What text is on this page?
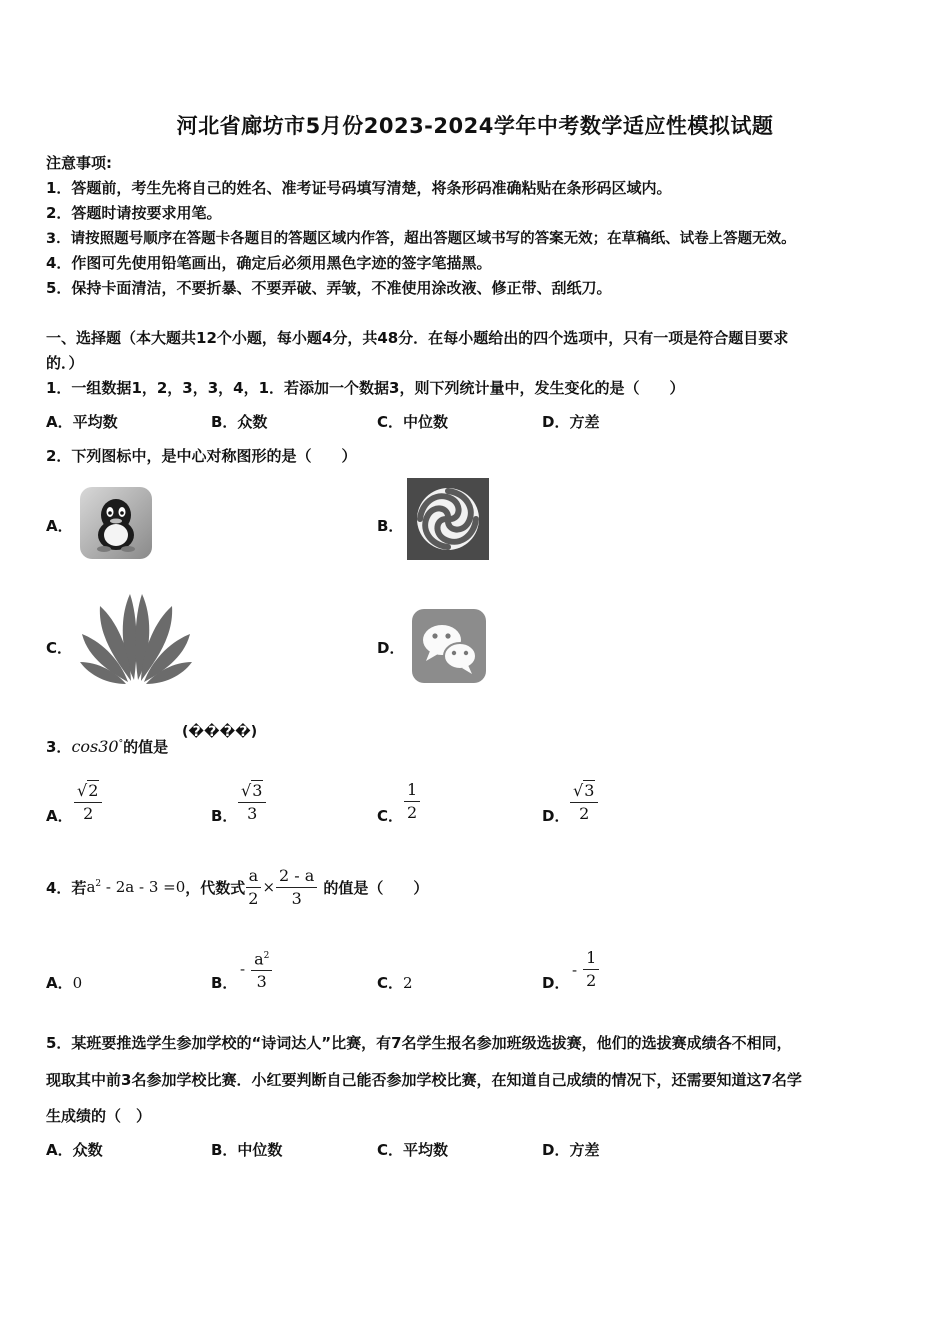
河北省廊坊市5月份2023-2024学年中考数学适应性模拟试题
注意事项:
1．答题前，考生先将自己的姓名、准考证号码填写清楚，将条形码准确粘贴在条形码区域内。
2．答题时请按要求用笔。
3．请按照题号顺序在答题卡各题目的答题区域内作答，超出答题区域书写的答案无效；在草稿纸、试卷上答题无效。
4．作图可先使用铅笔画出，确定后必须用黑色字迹的签字笔描黑。
5．保持卡面清洁，不要折暴、不要弄破、弄皱，不准使用涂改液、修正带、刮纸刀。
一、选择题（本大题共12个小题，每小题4分，共48分．在每小题给出的四个选项中，只有一项是符合题目要求
的．）
1．一组数据1，2，3，3，4，1．若添加一个数据3，则下列统计量中，发生变化的是（　　）
A．平均数	B．众数	C．中位数	D．方差
2．下列图标中，是中心对称图形的是（　　）
A．	B．
C．	D．
3．cos30°的值是
(����)
A． $\frac{√2}{2}$	B． $\frac{√3}{3}$	C． $\frac{1}{2}$	D． $\frac{√3}{2}$
4．若 $a^2 - 2a - 3 =0$ ，代数式 $\frac{a}{2} \times \frac{2 - a}{3}$ 的值是（　　）
A．0	B．
- $\frac{a^2}{3}$	C．2	D．
- $\frac{1}{2}$
5．某班要推选学生参加学校的“诗词达人”比赛，有7名学生报名参加班级选拔赛，他们的选拔赛成绩各不相同，
现取其中前3名参加学校比赛．小红要判断自己能否参加学校比赛，在知道自己成绩的情况下，还需要知道这7名学
生成绩的（　）
A．众数	B．中位数	C．平均数	D．方差
